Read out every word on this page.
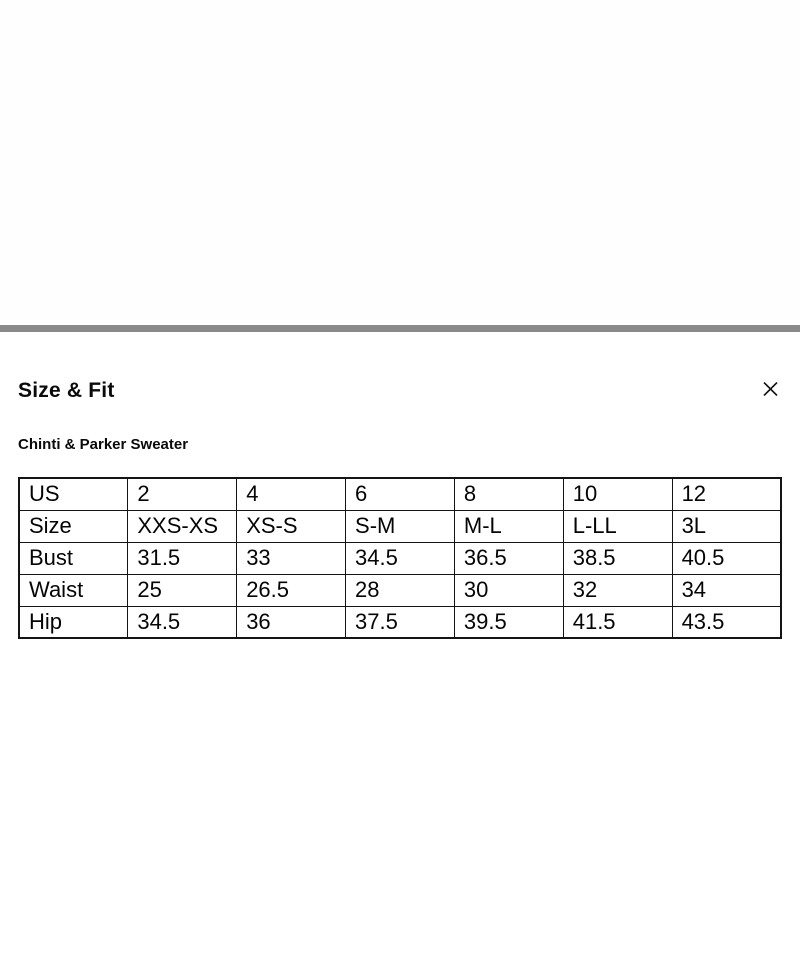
Size & Fit
Chinti & Parker Sweater
US	2	4	6	8	10	12
Size	XXS-XS	XS-S	S-M	M-L	L-LL	3L
Bust	31.5	33	34.5	36.5	38.5	40.5
Waist	25	26.5	28	30	32	34
Hip	34.5	36	37.5	39.5	41.5	43.5
